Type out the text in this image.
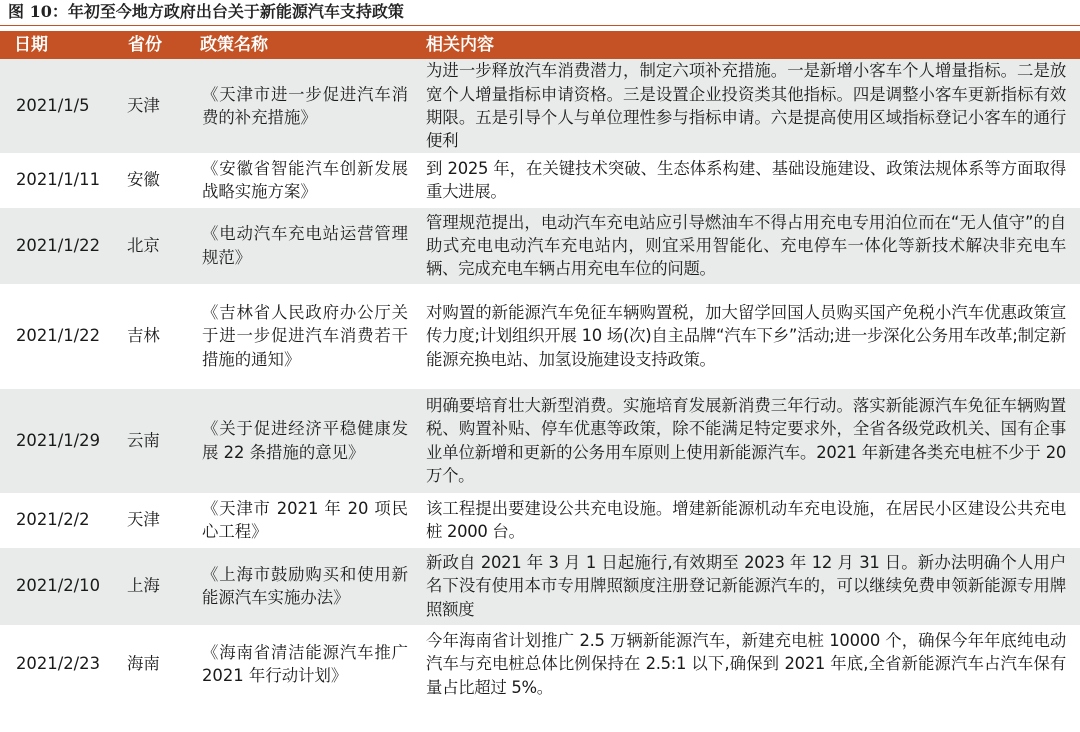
图 10：年初至今地方政府出台关于新能源汽车支持政策
日期	省份	政策名称	相关内容
2021/1/5	天津	《天津市进一步促进汽车消费的补充措施》	为进一步释放汽车消费潜力，制定六项补充措施。一是新增小客车个人增量指标。二是放宽个人增量指标申请资格。三是设置企业投资类其他指标。四是调整小客车更新指标有效期限。五是引导个人与单位理性参与指标申请。六是提高使用区域指标登记小客车的通行便利
2021/1/11	安徽	《安徽省智能汽车创新发展战略实施方案》	到 2025 年，在关键技术突破、生态体系构建、基础设施建设、政策法规体系等方面取得重大进展。
2021/1/22	北京	《电动汽车充电站运营管理规范》	管理规范提出，电动汽车充电站应引导燃油车不得占用充电专用泊位而在“无人值守”的自助式充电电动汽车充电站内，则宜采用智能化、充电停车一体化等新技术解决非充电车辆、完成充电车辆占用充电车位的问题。
2021/1/22	吉林	《吉林省人民政府办公厅关于进一步促进汽车消费若干措施的通知》	对购置的新能源汽车免征车辆购置税，加大留学回国人员购买国产免税小汽车优惠政策宣传力度;计划组织开展 10 场(次)自主品牌“汽车下乡”活动;进一步深化公务用车改革;制定新能源充换电站、加氢设施建设支持政策。
2021/1/29	云南	《关于促进经济平稳健康发展 22 条措施的意见》	明确要培育壮大新型消费。实施培育发展新消费三年行动。落实新能源汽车免征车辆购置税、购置补贴、停车优惠等政策，除不能满足特定要求外，全省各级党政机关、国有企事业单位新增和更新的公务用车原则上使用新能源汽车。2021 年新建各类充电桩不少于 20 万个。
2021/2/2	天津	《天津市 2021 年 20 项民心工程》	该工程提出要建设公共充电设施。增建新能源机动车充电设施，在居民小区建设公共充电桩 2000 台。
2021/2/10	上海	《上海市鼓励购买和使用新能源汽车实施办法》	新政自 2021 年 3 月 1 日起施行,有效期至 2023 年 12 月 31 日。新办法明确个人用户名下没有使用本市专用牌照额度注册登记新能源汽车的，可以继续免费申领新能源专用牌照额度
2021/2/23	海南	《海南省清洁能源汽车推广 2021 年行动计划》	今年海南省计划推广 2.5 万辆新能源汽车，新建充电桩 10000 个，确保今年年底纯电动汽车与充电桩总体比例保持在 2.5:1 以下,确保到 2021 年底,全省新能源汽车占汽车保有量占比超过 5%。
